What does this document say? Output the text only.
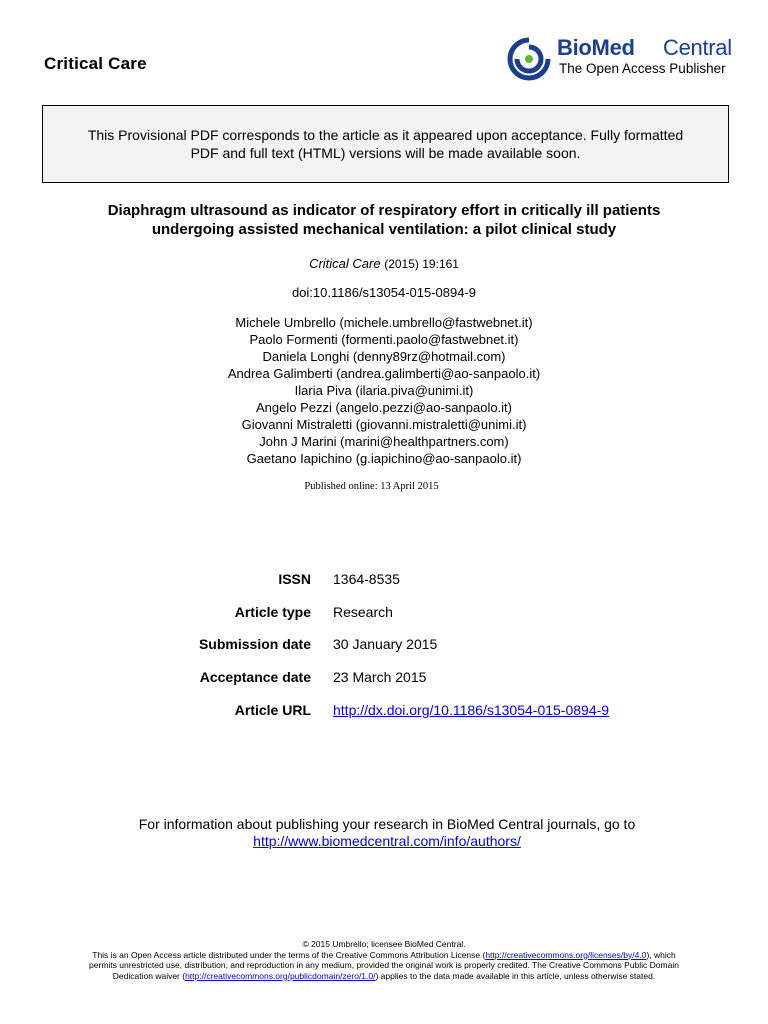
Critical Care
BioMed Central
The Open Access Publisher
This Provisional PDF corresponds to the article as it appeared upon acceptance. Fully formatted
PDF and full text (HTML) versions will be made available soon.
Diaphragm ultrasound as indicator of respiratory effort in critically ill patients
undergoing assisted mechanical ventilation: a pilot clinical study
Critical Care (2015) 19:161
doi:10.1186/s13054-015-0894-9
Michele Umbrello (michele.umbrello@fastwebnet.it)
Paolo Formenti (formenti.paolo@fastwebnet.it)
Daniela Longhi (denny89rz@hotmail.com)
Andrea Galimberti (andrea.galimberti@ao-sanpaolo.it)
Ilaria Piva (ilaria.piva@unimi.it)
Angelo Pezzi (angelo.pezzi@ao-sanpaolo.it)
Giovanni Mistraletti (giovanni.mistraletti@unimi.it)
John J Marini (marini@healthpartners.com)
Gaetano Iapichino (g.iapichino@ao-sanpaolo.it)
Published online: 13 April 2015
ISSN 1364-8535
Article type Research
Submission date 30 January 2015
Acceptance date 23 March 2015
Article URL http://dx.doi.org/10.1186/s13054-015-0894-9
For information about publishing your research in BioMed Central journals, go to
http://www.biomedcentral.com/info/authors/
© 2015 Umbrello; licensee BioMed Central.
This is an Open Access article distributed under the terms of the Creative Commons Attribution License (http://creativecommons.org/licenses/by/4.0), which
permits unrestricted use, distribution, and reproduction in any medium, provided the original work is properly credited. The Creative Commons Public Domain
Dedication waiver (http://creativecommons.org/publicdomain/zero/1.0/) applies to the data made available in this article, unless otherwise stated.
